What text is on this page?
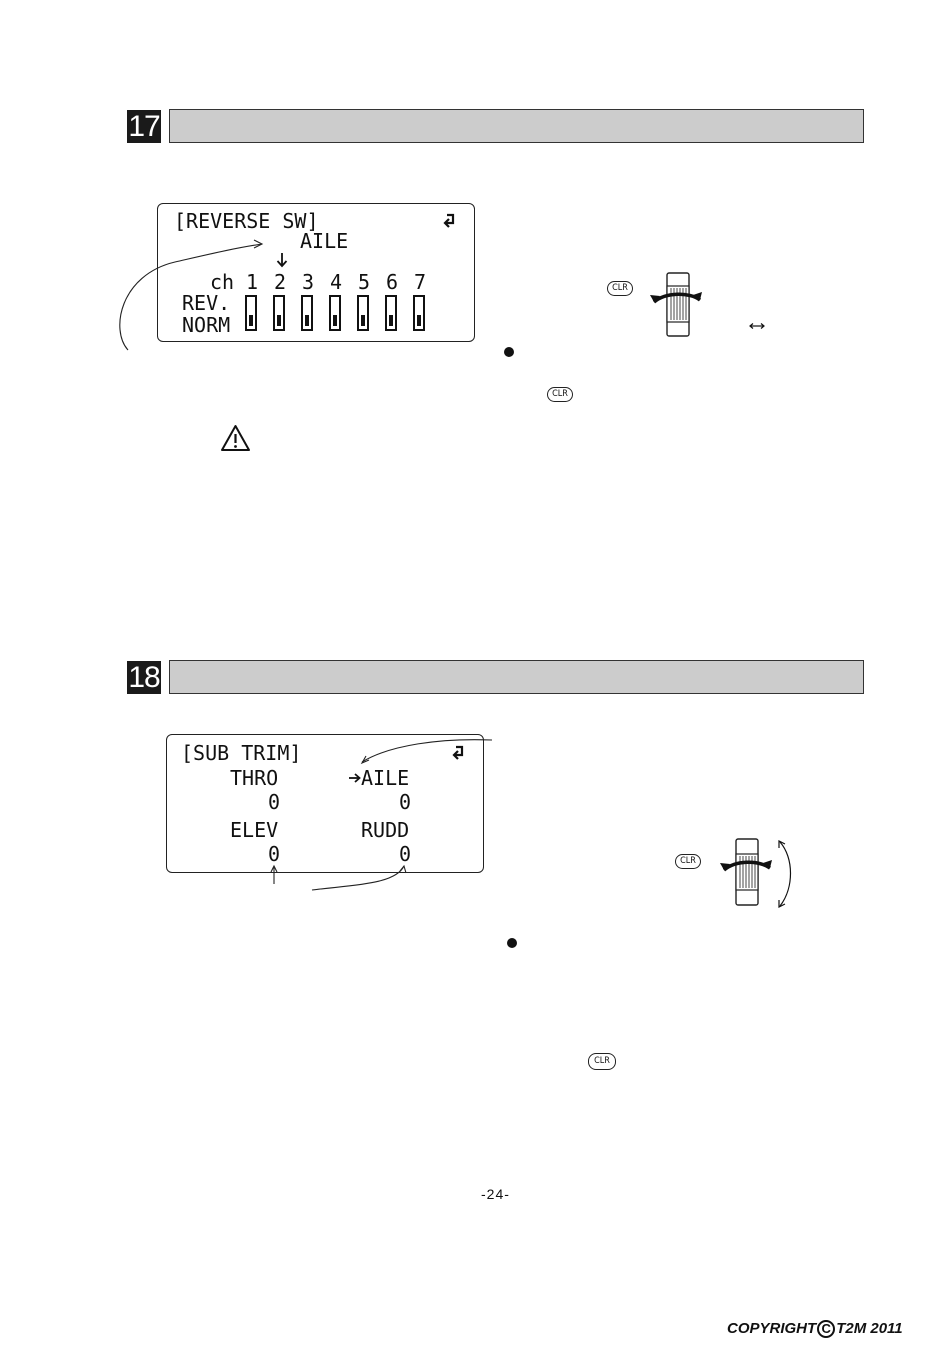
17
[REVERSE SW]
AILE
ch 1 2 3 4 5 6 7
REV.
NORM
CLR
CLR
18
[SUB TRIM]
THRO
0
AILE
0
ELEV
0
RUDD
0	CLR
CLR
-24-
COPYRIGHT C T2M 2011
